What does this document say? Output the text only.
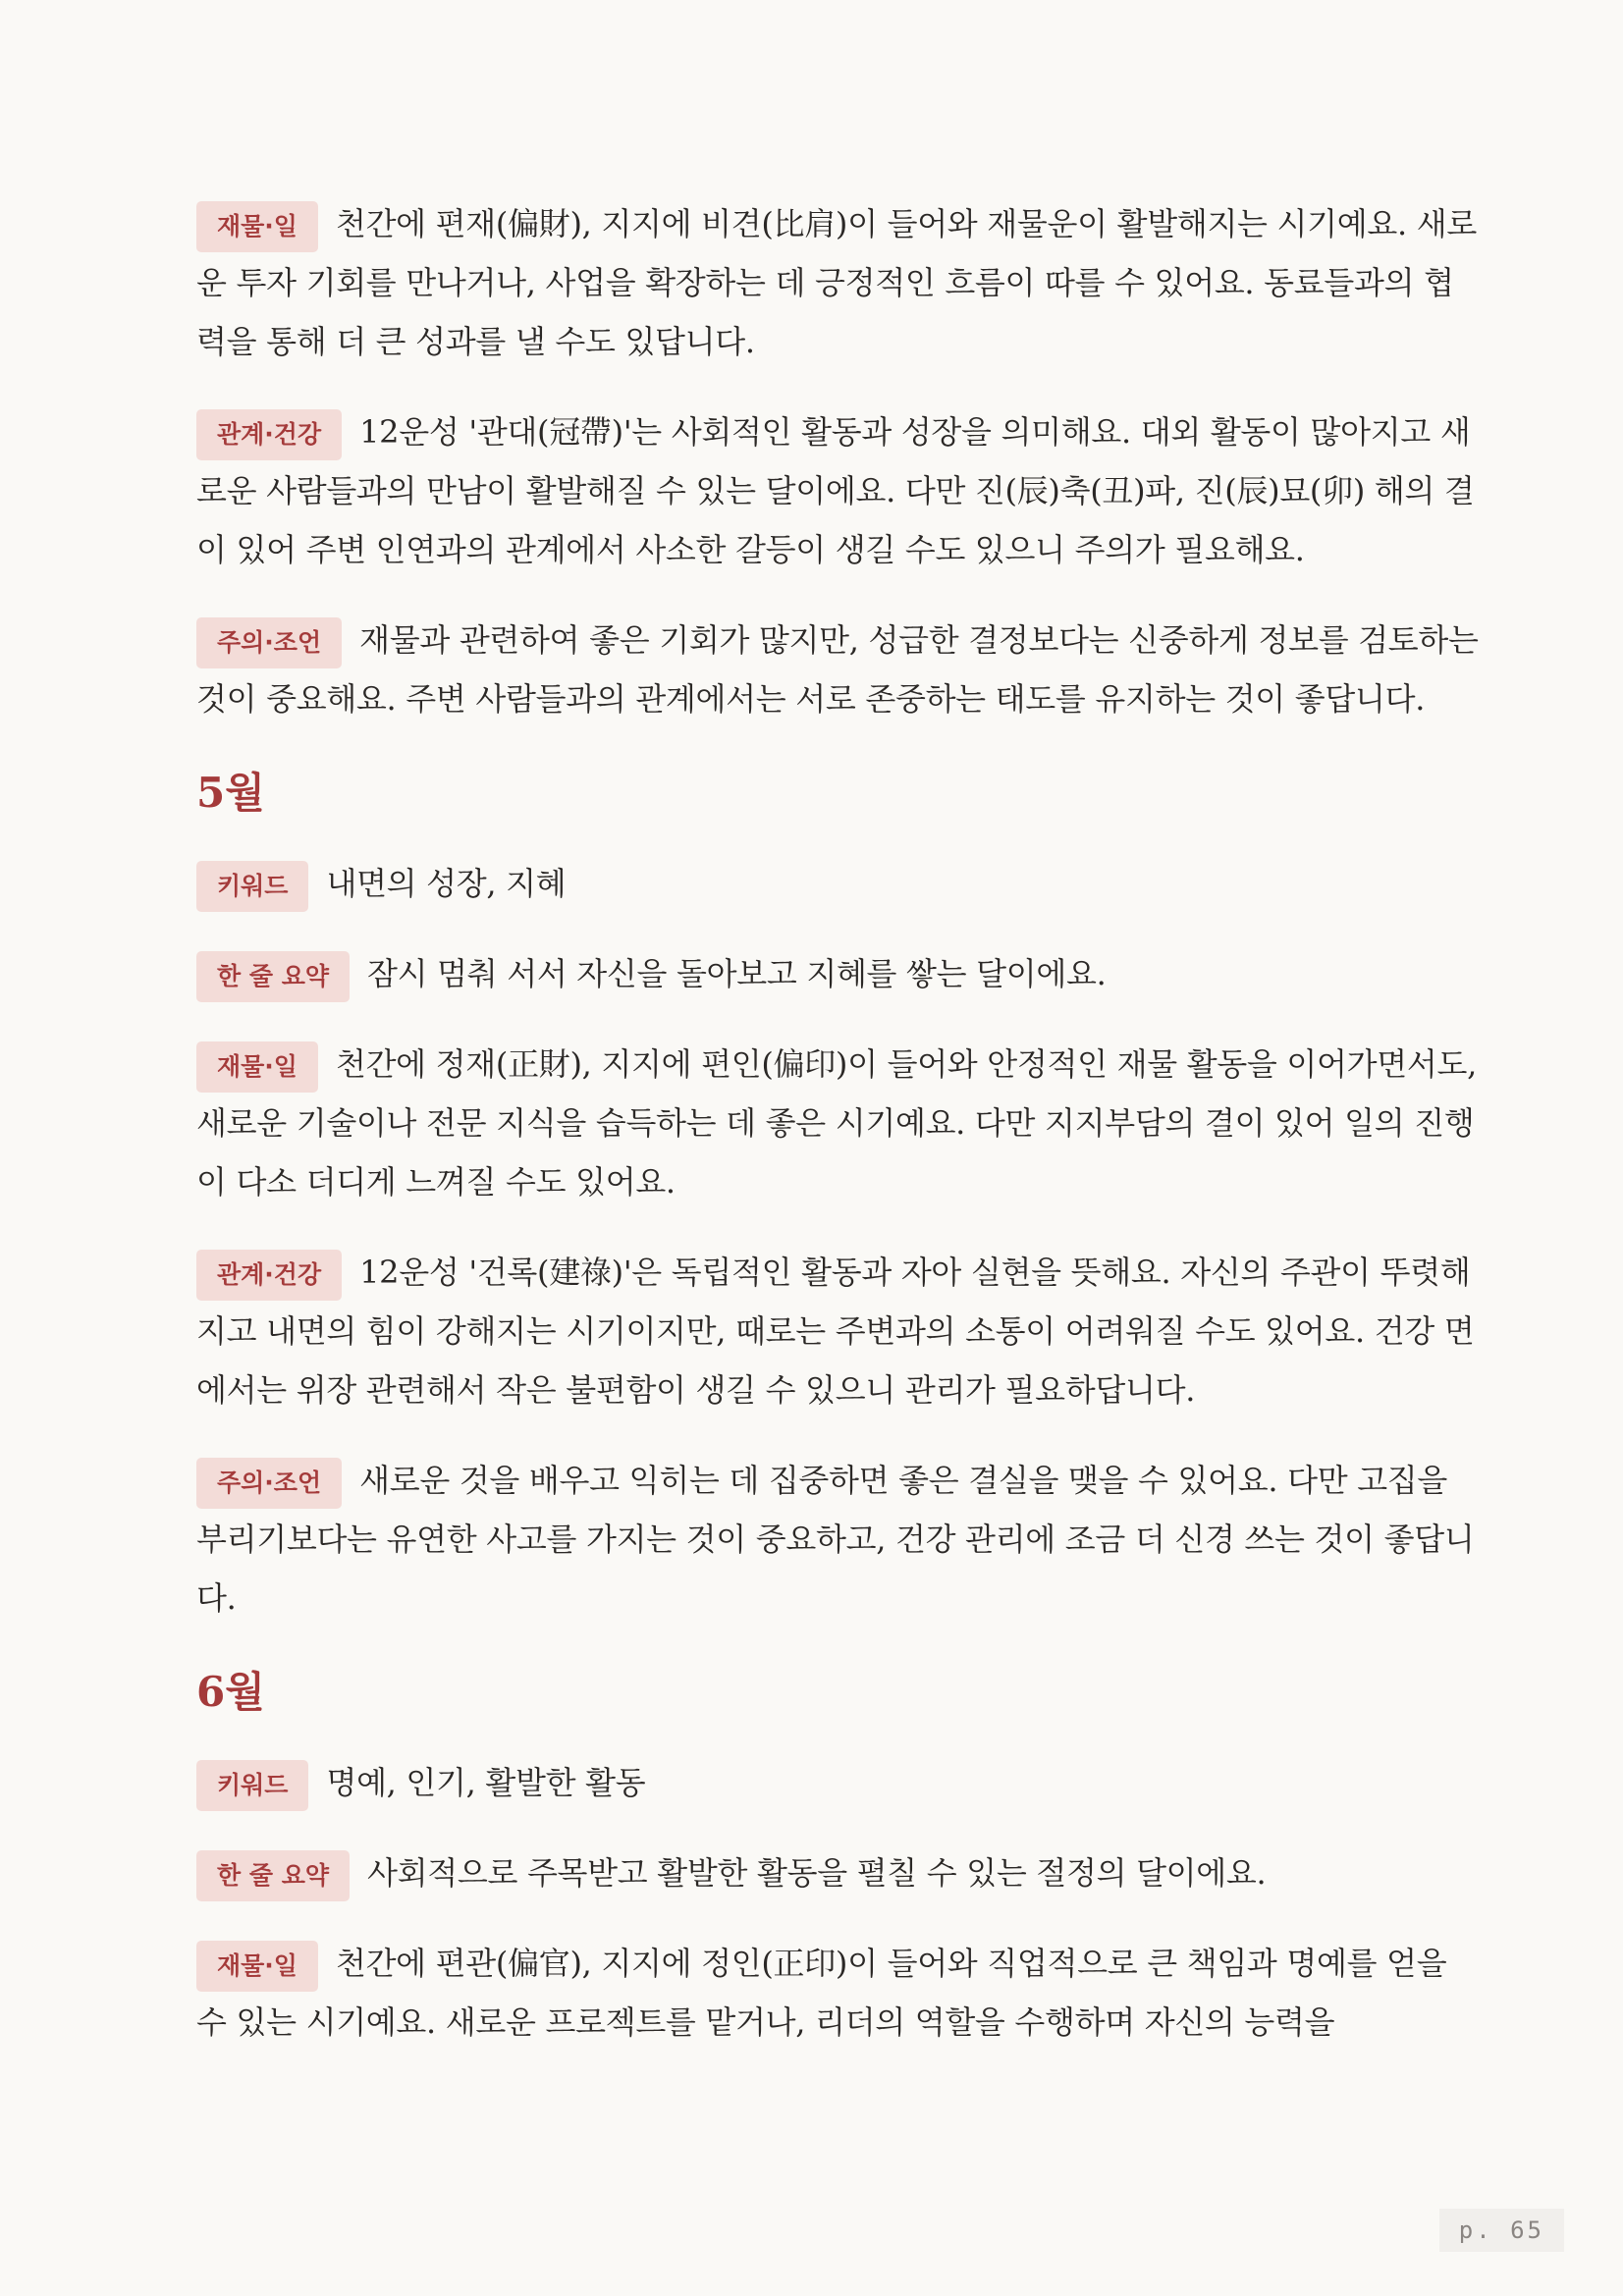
재물·일 천간에 편재(偏財), 지지에 비견(比肩)이 들어와 재물운이 활발해지는 시기예요. 새로운 투자 기회를 만나거나, 사업을 확장하는 데 긍정적인 흐름이 따를 수 있어요. 동료들과의 협력을 통해 더 큰 성과를 낼 수도 있답니다.

관계·건강 12운성 '관대(冠帶)'는 사회적인 활동과 성장을 의미해요. 대외 활동이 많아지고 새로운 사람들과의 만남이 활발해질 수 있는 달이에요. 다만 진(辰)축(丑)파, 진(辰)묘(卯) 해의 결이 있어 주변 인연과의 관계에서 사소한 갈등이 생길 수도 있으니 주의가 필요해요.

주의·조언 재물과 관련하여 좋은 기회가 많지만, 성급한 결정보다는 신중하게 정보를 검토하는 것이 중요해요. 주변 사람들과의 관계에서는 서로 존중하는 태도를 유지하는 것이 좋답니다.

5월

키워드 내면의 성장, 지혜

한 줄 요약 잠시 멈춰 서서 자신을 돌아보고 지혜를 쌓는 달이에요.

재물·일 천간에 정재(正財), 지지에 편인(偏印)이 들어와 안정적인 재물 활동을 이어가면서도, 새로운 기술이나 전문 지식을 습득하는 데 좋은 시기예요. 다만 지지부담의 결이 있어 일의 진행이 다소 더디게 느껴질 수도 있어요.

관계·건강 12운성 '건록(建祿)'은 독립적인 활동과 자아 실현을 뜻해요. 자신의 주관이 뚜렷해지고 내면의 힘이 강해지는 시기이지만, 때로는 주변과의 소통이 어려워질 수도 있어요. 건강 면에서는 위장 관련해서 작은 불편함이 생길 수 있으니 관리가 필요하답니다.

주의·조언 새로운 것을 배우고 익히는 데 집중하면 좋은 결실을 맺을 수 있어요. 다만 고집을 부리기보다는 유연한 사고를 가지는 것이 중요하고, 건강 관리에 조금 더 신경 쓰는 것이 좋답니다.

6월

키워드 명예, 인기, 활발한 활동

한 줄 요약 사회적으로 주목받고 활발한 활동을 펼칠 수 있는 절정의 달이에요.

재물·일 천간에 편관(偏官), 지지에 정인(正印)이 들어와 직업적으로 큰 책임과 명예를 얻을 수 있는 시기예요. 새로운 프로젝트를 맡거나, 리더의 역할을 수행하며 자신의 능력을

p. 65
